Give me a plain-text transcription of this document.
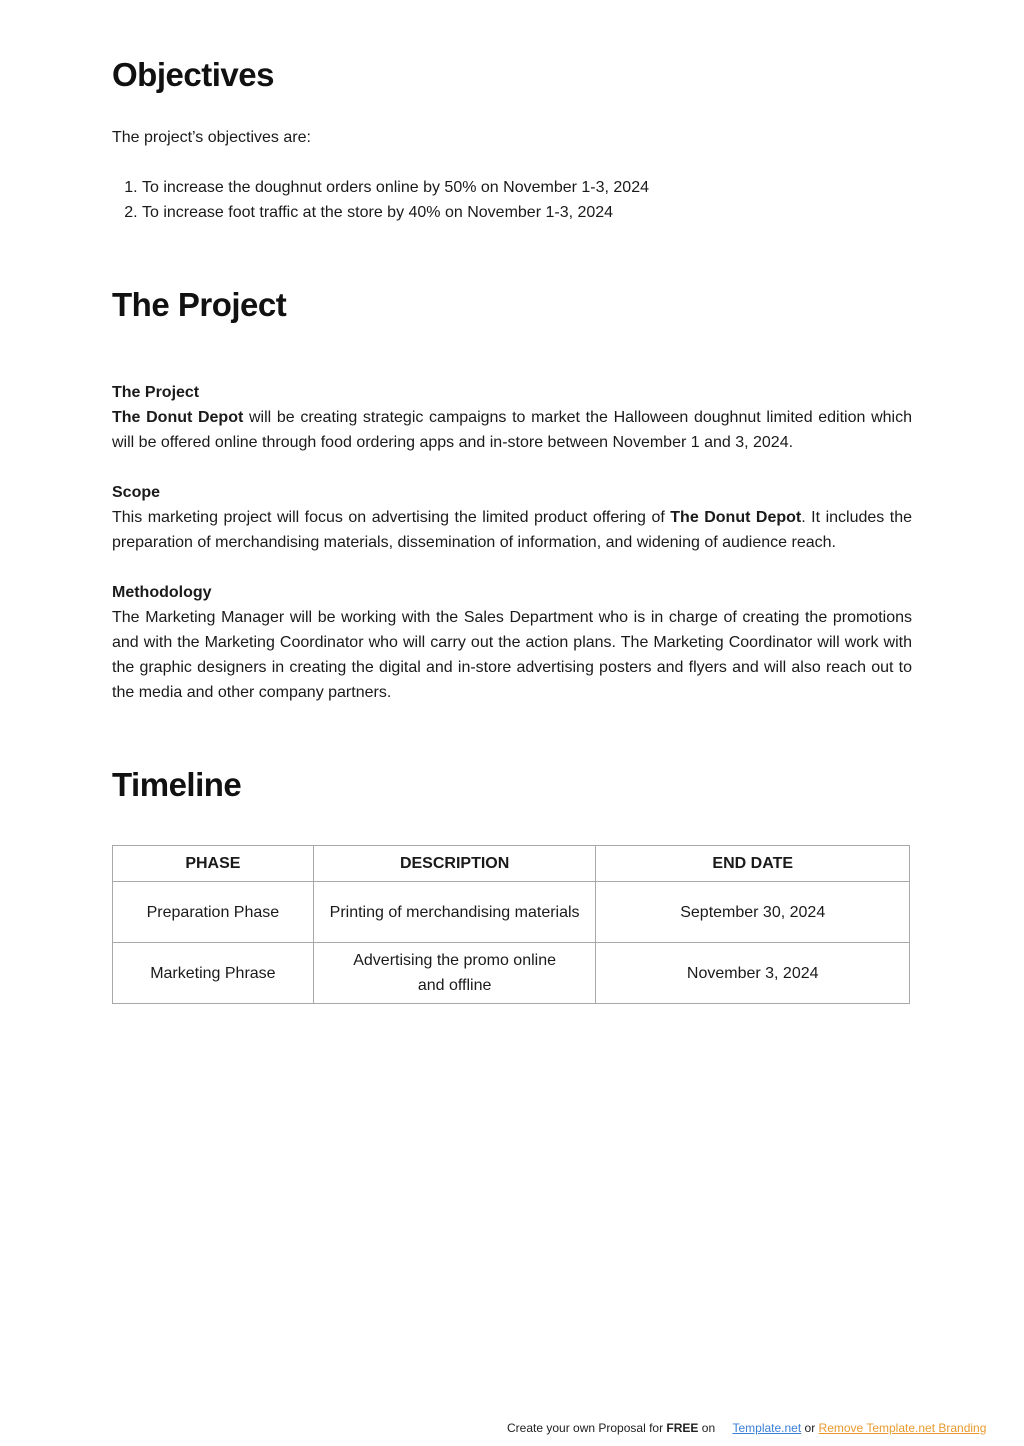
Objectives
The project’s objectives are:
1. To increase the doughnut orders online by 50% on November 1-3, 2024
2. To increase foot traffic at the store by 40% on November 1-3, 2024
The Project
The Project
The Donut Depot will be creating strategic campaigns to market the Halloween doughnut limited edition which will be offered online through food ordering apps and in-store between November 1 and 3, 2024.
Scope
This marketing project will focus on advertising the limited product offering of The Donut Depot. It includes the preparation of merchandising materials, dissemination of information, and widening of audience reach.
Methodology
The Marketing Manager will be working with the Sales Department who is in charge of creating the promotions and with the Marketing Coordinator who will carry out the action plans. The Marketing Coordinator will work with the graphic designers in creating the digital and in-store advertising posters and flyers and will also reach out to the media and other company partners.
Timeline
PHASE	DESCRIPTION	END DATE
Preparation Phase	Printing of merchandising materials	September 30, 2024
Marketing Phrase	Advertising the promo online and offline	November 3, 2024
Create your own Proposal for FREE on Template.net or Remove Template.net Branding
